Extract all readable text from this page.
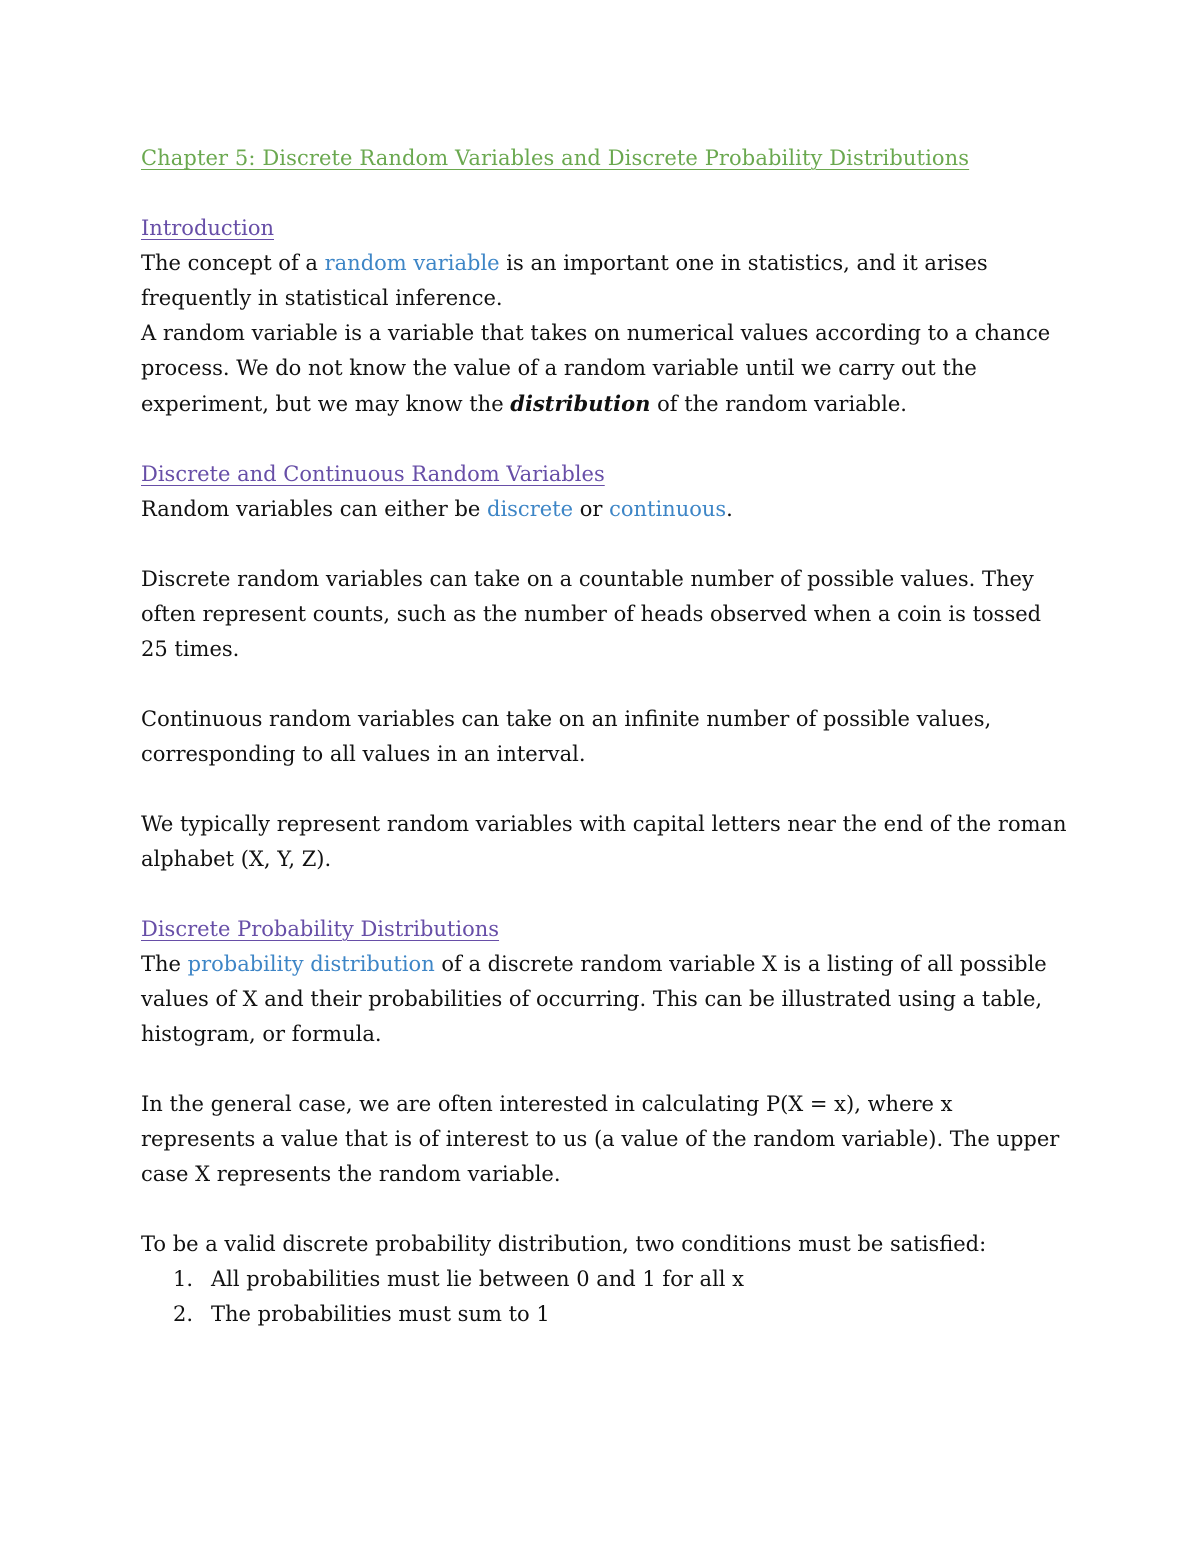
Chapter 5: Discrete Random Variables and Discrete Probability Distributions

Introduction

The concept of a random variable is an important one in statistics, and it arises frequently in statistical inference.

A random variable is a variable that takes on numerical values according to a chance process. We do not know the value of a random variable until we carry out the experiment, but we may know the distribution of the random variable.

Discrete and Continuous Random Variables

Random variables can either be discrete or continuous.

Discrete random variables can take on a countable number of possible values. They often represent counts, such as the number of heads observed when a coin is tossed 25 times.

Continuous random variables can take on an infinite number of possible values, corresponding to all values in an interval.

We typically represent random variables with capital letters near the end of the roman alphabet (X, Y, Z).

Discrete Probability Distributions

The probability distribution of a discrete random variable X is a listing of all possible values of X and their probabilities of occurring. This can be illustrated using a table, histogram, or formula.

In the general case, we are often interested in calculating P(X = x), where x represents a value that is of interest to us (a value of the random variable). The upper case X represents the random variable.

To be a valid discrete probability distribution, two conditions must be satisfied:

1. All probabilities must lie between 0 and 1 for all x
2. The probabilities must sum to 1
